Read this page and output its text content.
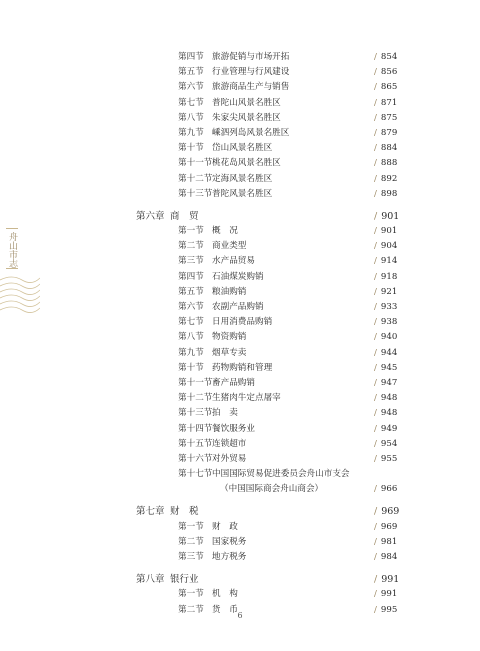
舟山市志
第四节 旅游促销与市场开拓	/ 854
第五节 行业管理与行风建设	/ 856
第六节 旅游商品生产与销售	/ 865
第七节 普陀山风景名胜区	/ 871
第八节 朱家尖风景名胜区	/ 875
第九节 嵊泗列岛风景名胜区	/ 879
第十节 岱山风景名胜区	/ 884
第十一节 桃花岛风景名胜区	/ 888
第十二节 定海风景名胜区	/ 892
第十三节 普陀风景名胜区	/ 898
第六章 商　贸	/ 901
第一节 概　况	/ 901
第二节 商业类型	/ 904
第三节 水产品贸易	/ 914
第四节 石油煤炭购销	/ 918
第五节 粮油购销	/ 921
第六节 农副产品购销	/ 933
第七节 日用消费品购销	/ 938
第八节 物资购销	/ 940
第九节 烟草专卖	/ 944
第十节 药物购销和管理	/ 945
第十一节 畜产品购销	/ 947
第十二节 生猪肉牛定点屠宰	/ 948
第十三节 拍　卖	/ 948
第十四节 餐饮服务业	/ 949
第十五节 连锁超市	/ 954
第十六节 对外贸易	/ 955
第十七节 中国国际贸易促进委员会舟山市支会
（中国国际商会舟山商会）	/ 966
第七章 财　税	/ 969
第一节 财　政	/ 969
第二节 国家税务	/ 981
第三节 地方税务	/ 984
第八章 银行业	/ 991
第一节 机　构	/ 991
第二节 货　币	/ 995
6
